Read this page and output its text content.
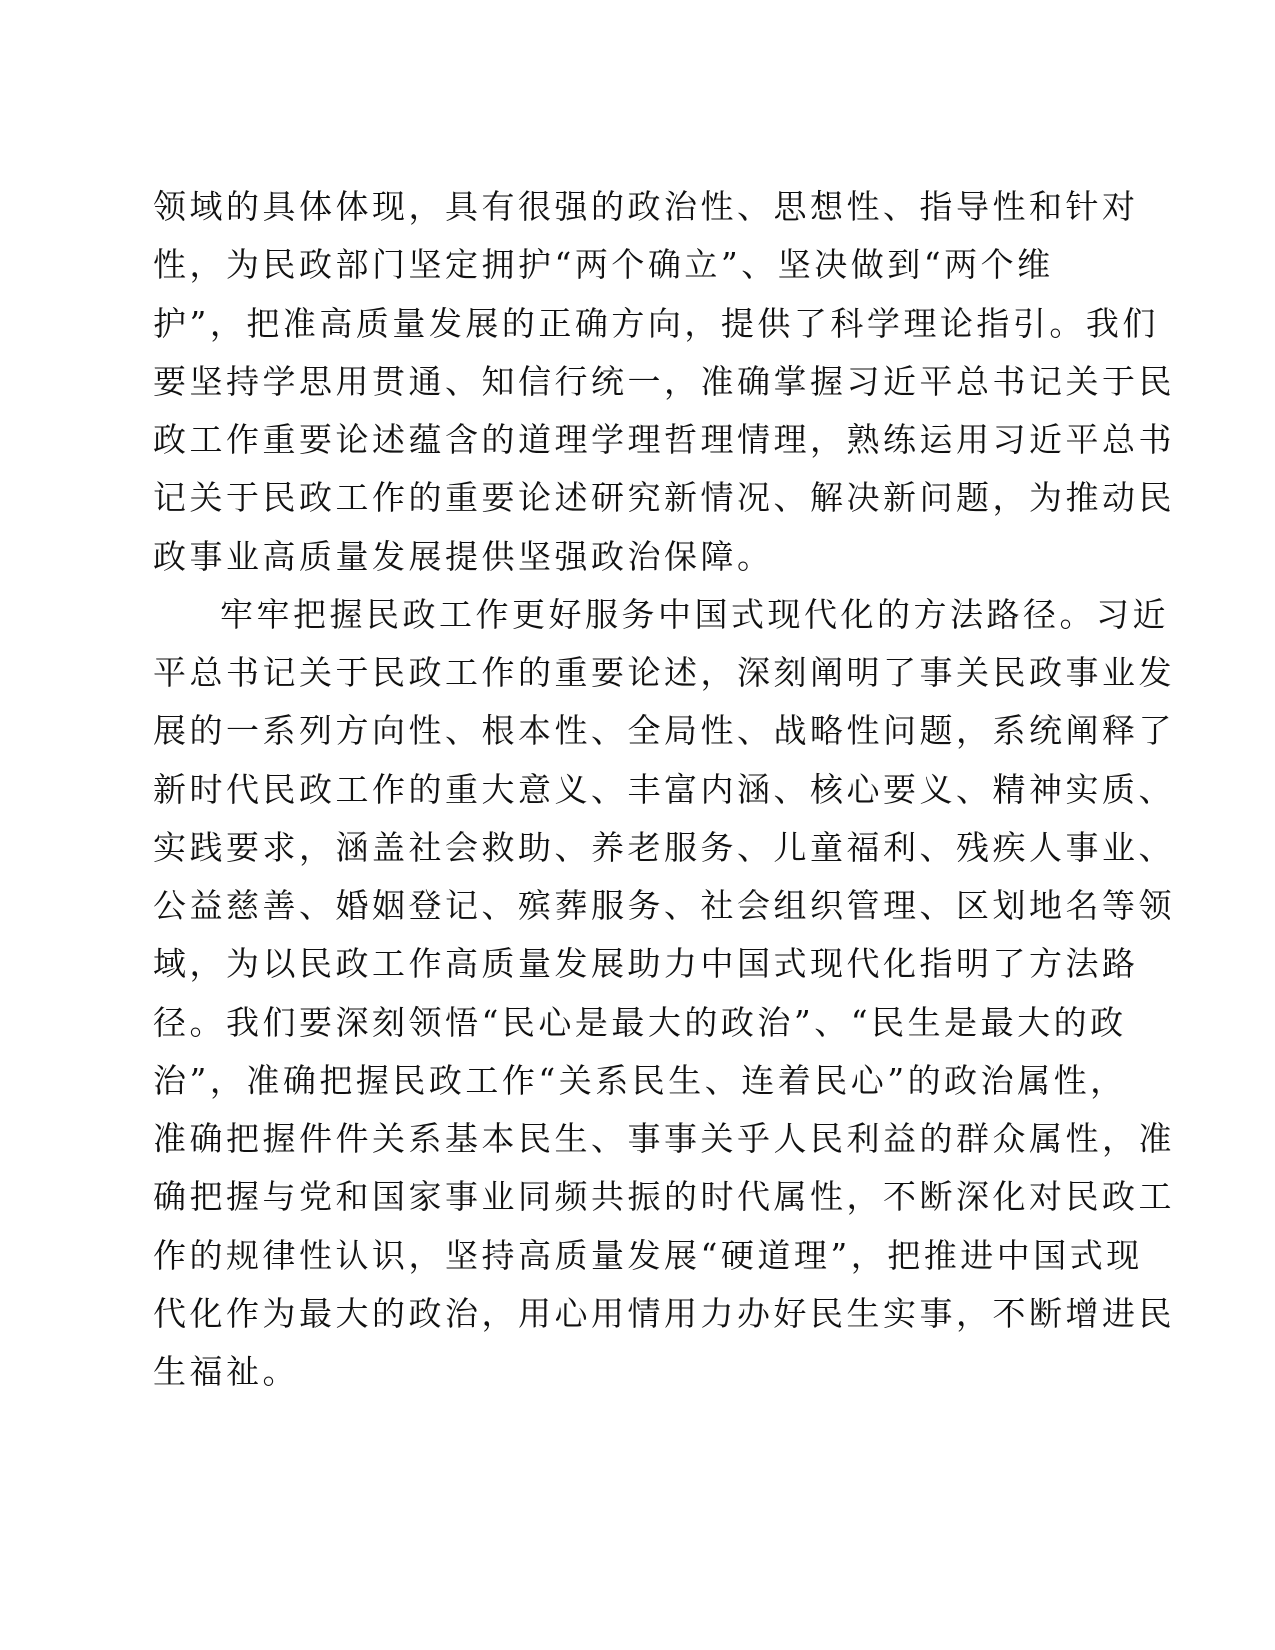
领域的具体体现，具有很强的政治性、思想性、指导性和针对
性，为民政部门坚定拥护“两个确立”、坚决做到“两个维
护”，把准高质量发展的正确方向，提供了科学理论指引。我们
要坚持学思用贯通、知信行统一，准确掌握习近平总书记关于民
政工作重要论述蕴含的道理学理哲理情理，熟练运用习近平总书
记关于民政工作的重要论述研究新情况、解决新问题，为推动民
政事业高质量发展提供坚强政治保障。
牢牢把握民政工作更好服务中国式现代化的方法路径。习近
平总书记关于民政工作的重要论述，深刻阐明了事关民政事业发
展的一系列方向性、根本性、全局性、战略性问题，系统阐释了
新时代民政工作的重大意义、丰富内涵、核心要义、精神实质、
实践要求，涵盖社会救助、养老服务、儿童福利、残疾人事业、
公益慈善、婚姻登记、殡葬服务、社会组织管理、区划地名等领
域，为以民政工作高质量发展助力中国式现代化指明了方法路
径。我们要深刻领悟“民心是最大的政治”、“民生是最大的政
治”，准确把握民政工作“关系民生、连着民心”的政治属性，
准确把握件件关系基本民生、事事关乎人民利益的群众属性，准
确把握与党和国家事业同频共振的时代属性，不断深化对民政工
作的规律性认识，坚持高质量发展“硬道理”，把推进中国式现
代化作为最大的政治，用心用情用力办好民生实事，不断增进民
生福祉。
